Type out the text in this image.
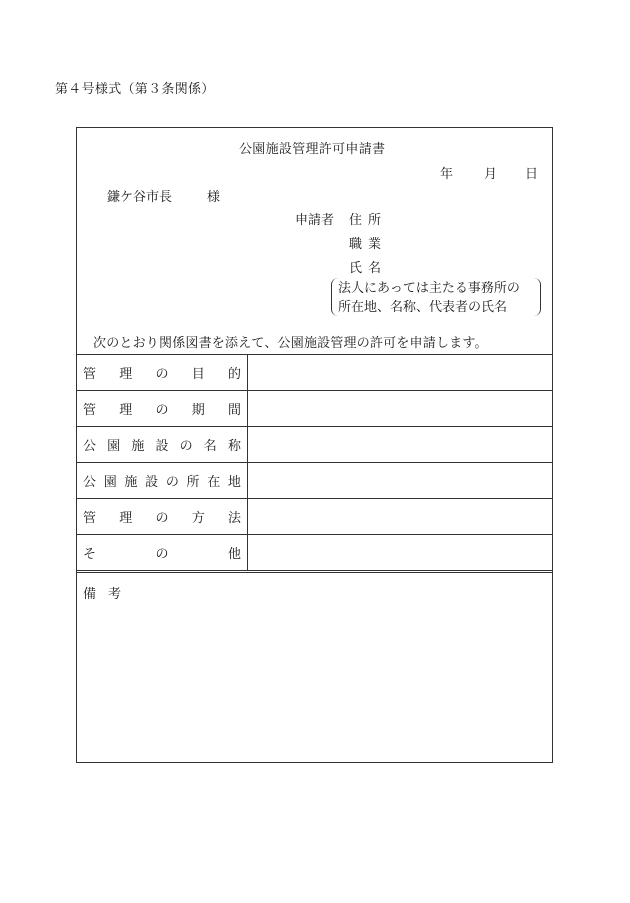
第４号様式（第３条関係）
公園施設管理許可申請書
年 月 日
鎌ケ谷市長	様
申請者 住所
職業
氏名
法人にあっては主たる事務所の
所在地、名称、代表者の氏名
次のとおり関係図書を添えて、公園施設管理の許可を申請します。
管 理 の 目 的
管 理 の 期 間
公 園 施 設 の 名 称
公 園 施 設 の 所 在 地
管 理 の 方 法
そ	の	他
備考
